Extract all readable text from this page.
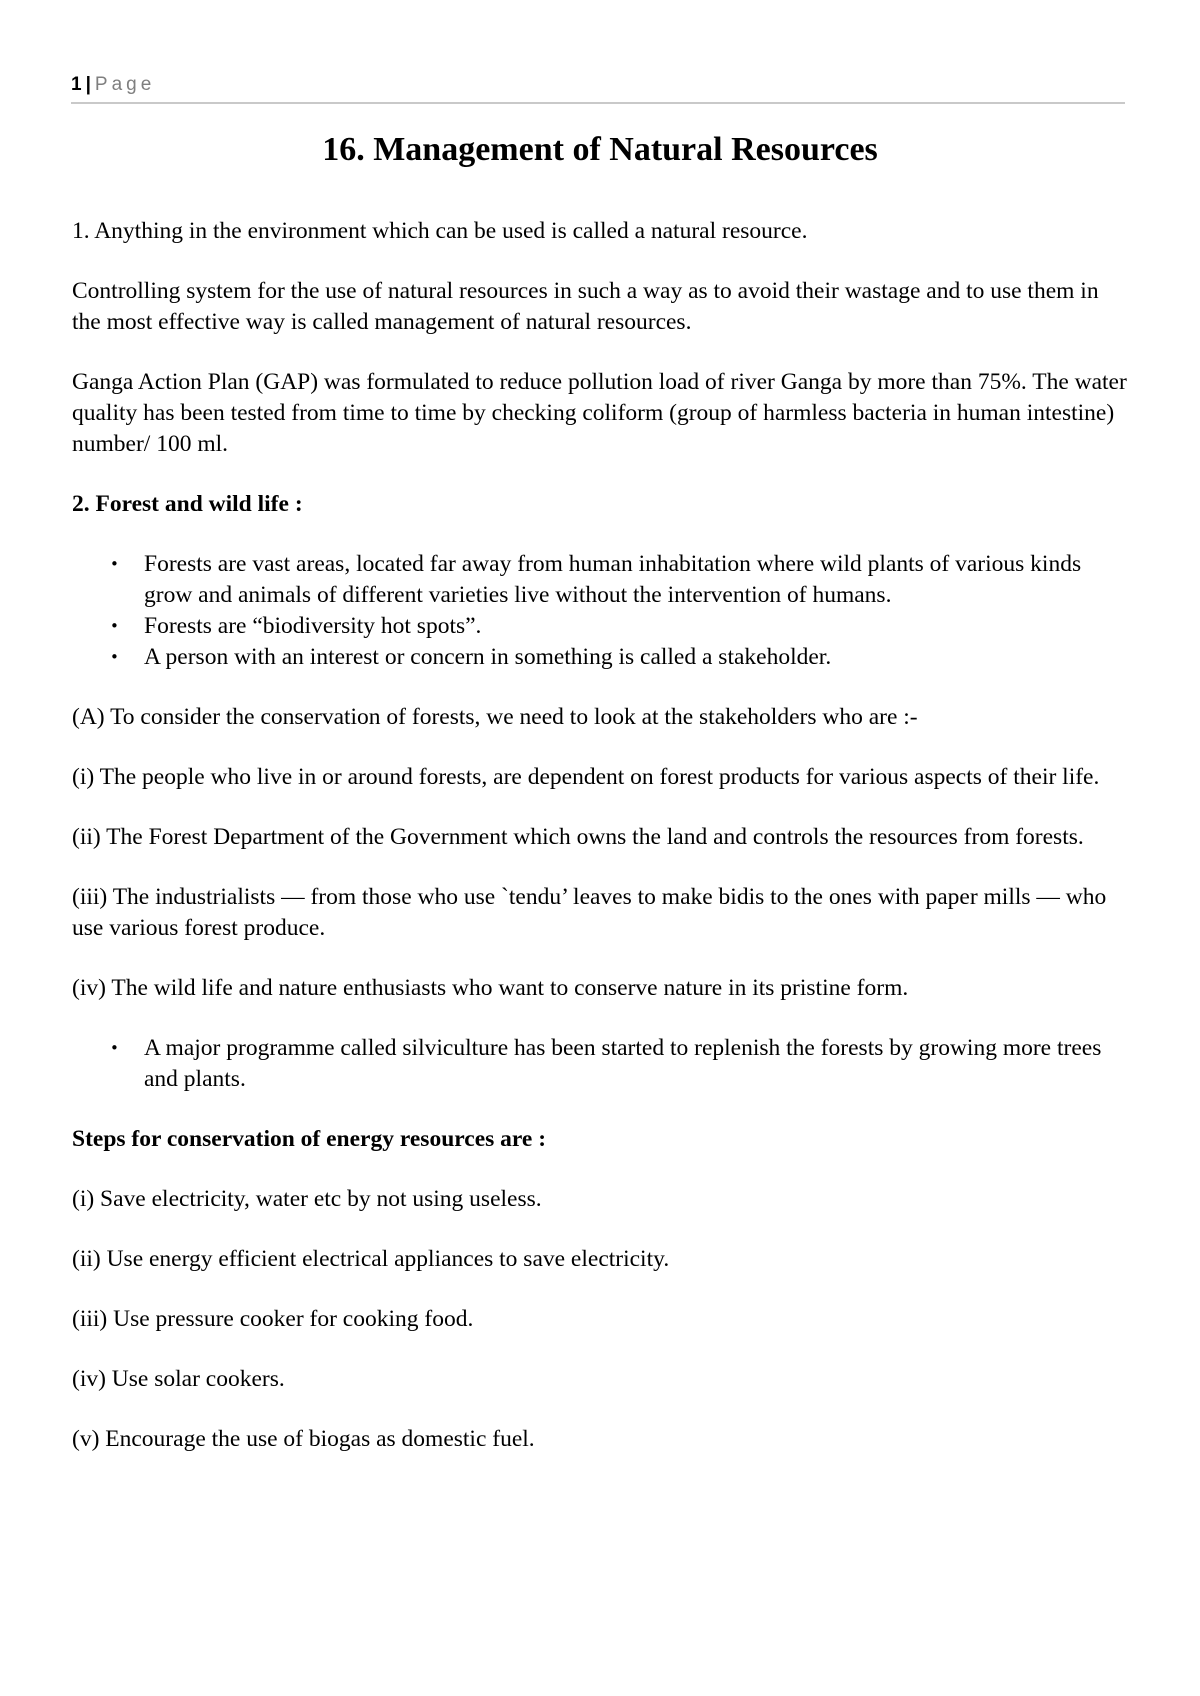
1 | Page
16. Management of Natural Resources

1. Anything in the environment which can be used is called a natural resource.

Controlling system for the use of natural resources in such a way as to avoid their wastage and to use them in the most effective way is called management of natural resources.

Ganga Action Plan (GAP) was formulated to reduce pollution load of river Ganga by more than 75%. The water quality has been tested from time to time by checking coliform (group of harmless bacteria in human intestine) number/ 100 ml.

2. Forest and wild life :

• Forests are vast areas, located far away from human inhabitation where wild plants of various kinds grow and animals of different varieties live without the intervention of humans.
• Forests are “biodiversity hot spots”.
• A person with an interest or concern in something is called a stakeholder.

(A) To consider the conservation of forests, we need to look at the stakeholders who are :-

(i) The people who live in or around forests, are dependent on forest products for various aspects of their life.

(ii) The Forest Department of the Government which owns the land and controls the resources from forests.

(iii) The industrialists — from those who use `tendu’ leaves to make bidis to the ones with paper mills — who use various forest produce.

(iv) The wild life and nature enthusiasts who want to conserve nature in its pristine form.

• A major programme called silviculture has been started to replenish the forests by growing more trees and plants.

Steps for conservation of energy resources are :

(i) Save electricity, water etc by not using useless.

(ii) Use energy efficient electrical appliances to save electricity.

(iii) Use pressure cooker for cooking food.

(iv) Use solar cookers.

(v) Encourage the use of biogas as domestic fuel.
